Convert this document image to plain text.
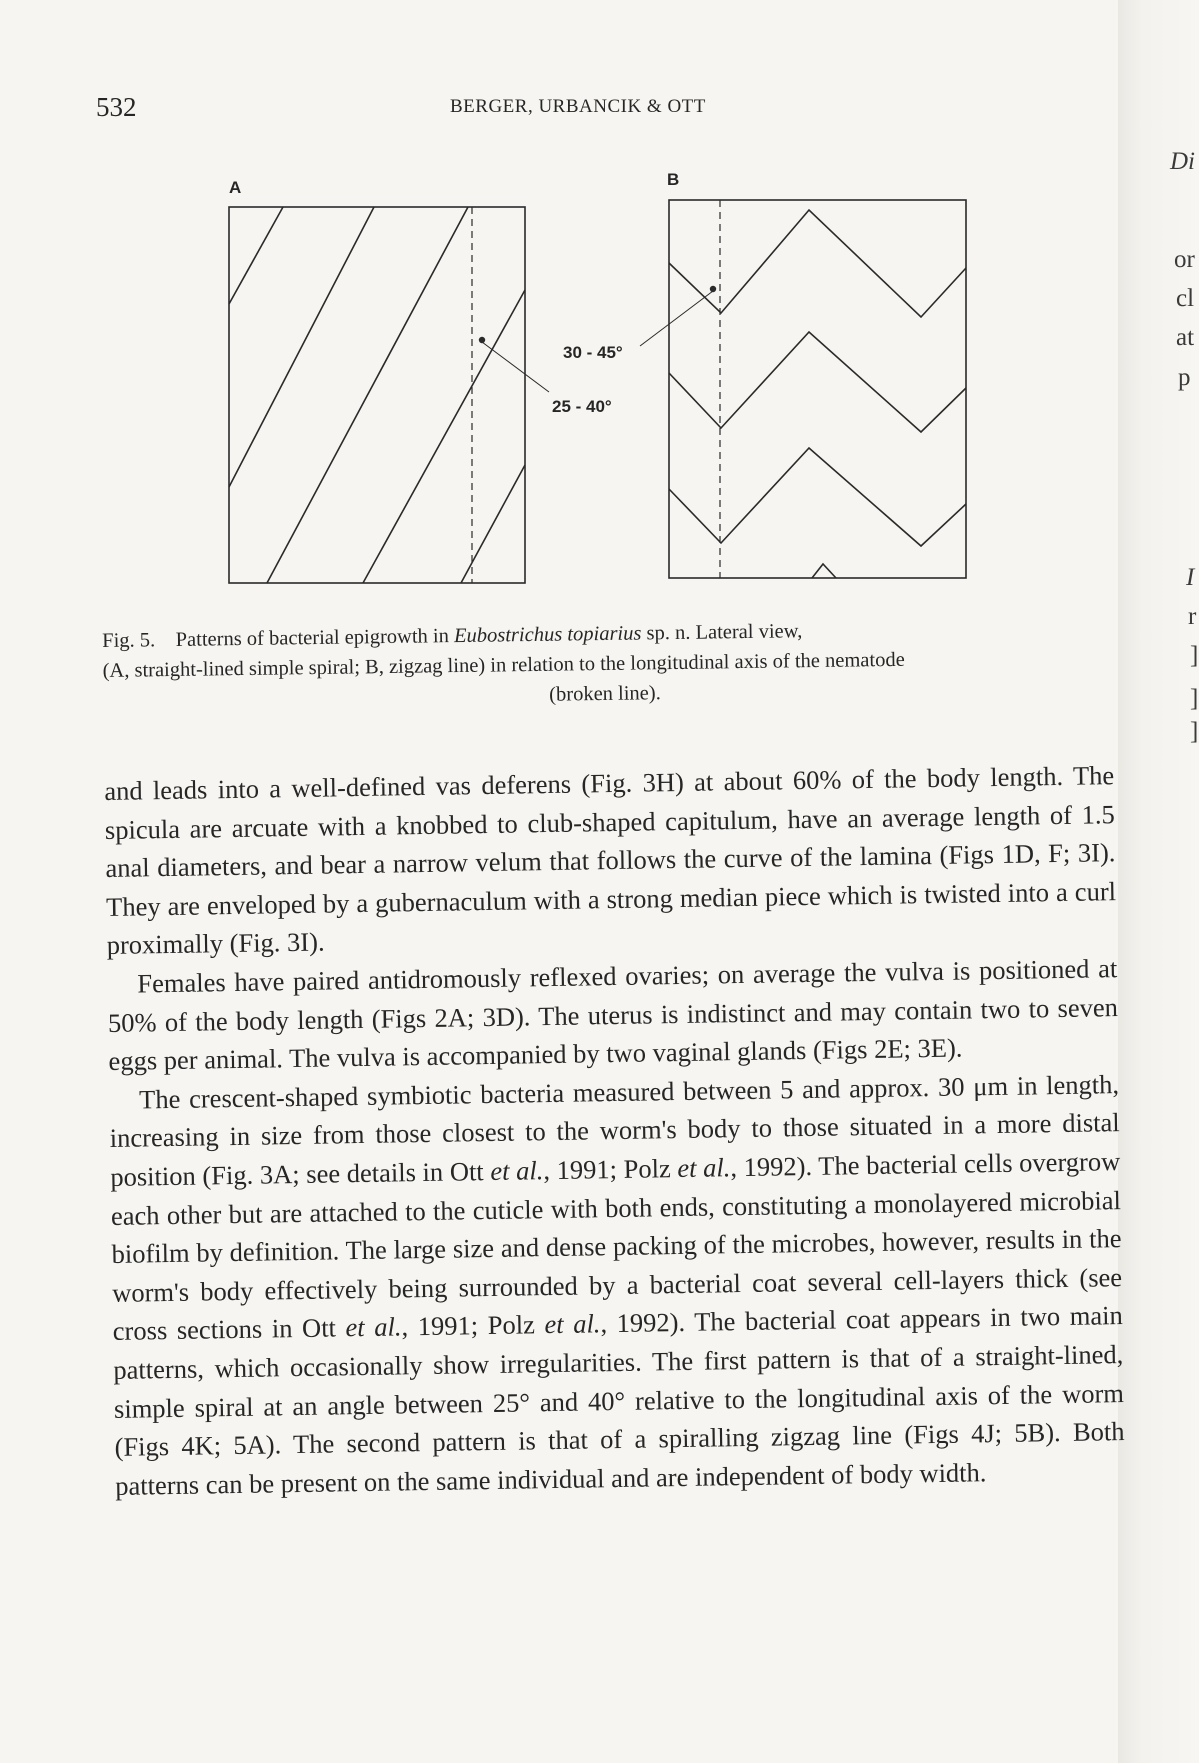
532	BERGER, URBANCIK & OTT
A	B
30 - 45°
25 - 40°
Fig. 5. Patterns of bacterial epigrowth in Eubostrichus topiarius sp. n. Lateral view,
(A, straight-lined simple spiral; B, zigzag line) in relation to the longitudinal axis of the nematode
(broken line).

and leads into a well-defined vas deferens (Fig. 3H) at about 60% of the body length. The spicula are arcuate with a knobbed to club-shaped capitulum, have an average length of 1.5 anal diameters, and bear a narrow velum that follows the curve of the lamina (Figs 1D, F; 3I). They are enveloped by a gubernaculum with a strong median piece which is twisted into a curl proximally (Fig. 3I).

Females have paired antidromously reflexed ovaries; on average the vulva is positioned at 50% of the body length (Figs 2A; 3D). The uterus is indistinct and may contain two to seven eggs per animal. The vulva is accompanied by two vaginal glands (Figs 2E; 3E).

The crescent-shaped symbiotic bacteria measured between 5 and approx. 30 μm in length, increasing in size from those closest to the worm's body to those situated in a more distal position (Fig. 3A; see details in Ott et al., 1991; Polz et al., 1992). The bacterial cells overgrow each other but are attached to the cuticle with both ends, constituting a monolayered microbial biofilm by definition. The large size and dense packing of the microbes, however, results in the worm's body effectively being surrounded by a bacterial coat several cell-layers thick (see cross sections in Ott et al., 1991; Polz et al., 1992). The bacterial coat appears in two main patterns, which occasionally show irregularities. The first pattern is that of a straight-lined, simple spiral at an angle between 25° and 40° relative to the longitudinal axis of the worm (Figs 4K; 5A). The second pattern is that of a spiralling zigzag line (Figs 4J; 5B). Both patterns can be present on the same individual and are independent of body width.

Di
or
cl
at
p
I
r
]
]
]
